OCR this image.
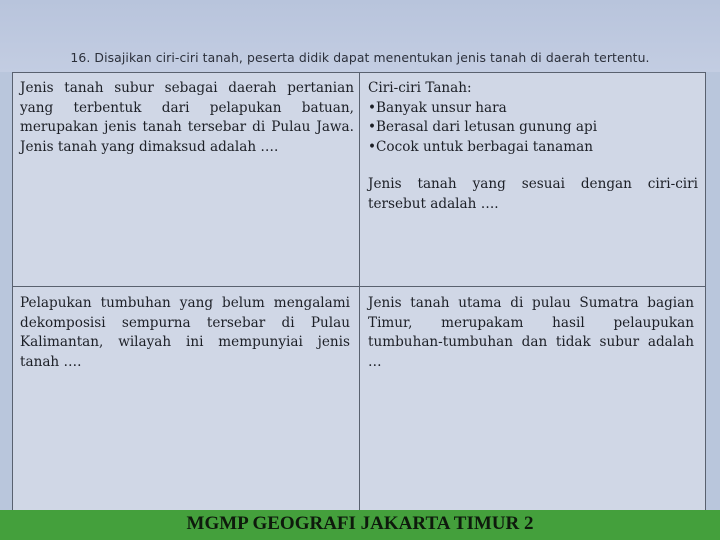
16. Disajikan ciri-ciri tanah, peserta didik dapat menentukan jenis tanah di daerah tertentu.

Jenis tanah subur sebagai daerah pertanian yang terbentuk dari pelapukan batuan, merupakan jenis tanah tersebar di Pulau Jawa. Jenis tanah yang dimaksud adalah ….

Ciri-ciri Tanah:

•Banyak unsur hara

•Berasal dari letusan gunung api

•Cocok untuk berbagai tanaman

Jenis tanah yang sesuai dengan ciri-ciri tersebut adalah ….

Pelapukan tumbuhan yang belum mengalami dekomposisi sempurna tersebar di Pulau Kalimantan, wilayah ini mempunyiai jenis tanah ….

Jenis tanah utama di pulau Sumatra bagian Timur, merupakam hasil pelaupukan tumbuhan-tumbuhan dan tidak subur adalah …

MGMP GEOGRAFI JAKARTA TIMUR 2
